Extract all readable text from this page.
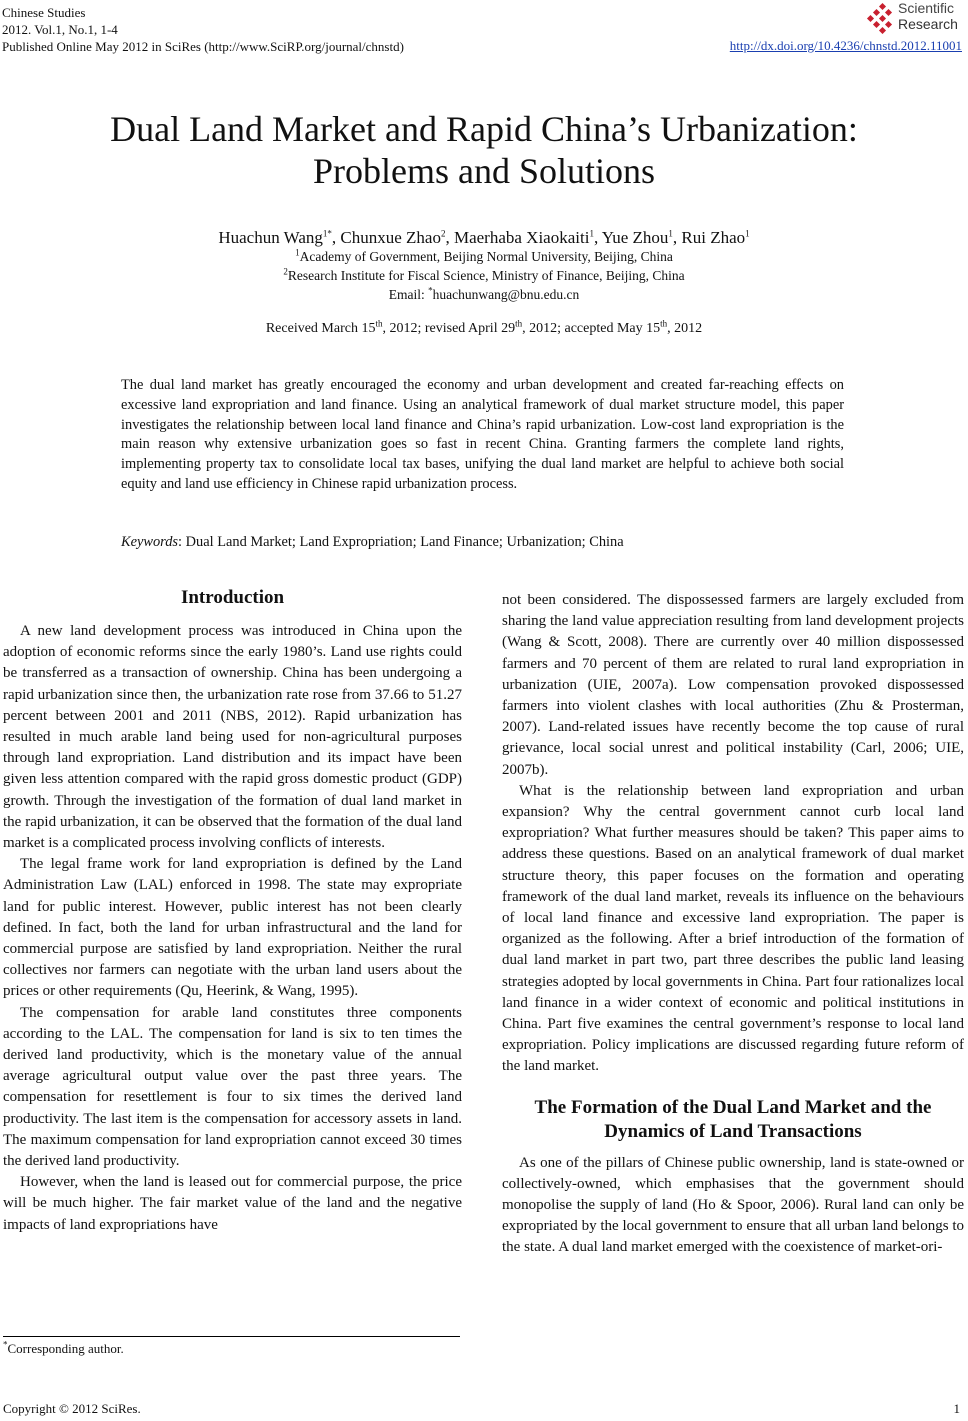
Chinese Studies
2012. Vol.1, No.1, 1-4
Published Online May 2012 in SciRes (http://www.SciRP.org/journal/chnstd)
Scientific
Research
http://dx.doi.org/10.4236/chnstd.2012.11001
Dual Land Market and Rapid China’s Urbanization:
Problems and Solutions
Huachun Wang$^{1*}$, Chunxue Zhao$^2$, Maerhaba Xiaokaiti$^1$, Yue Zhou$^1$, Rui Zhao$^1$
$^1$Academy of Government, Beijing Normal University, Beijing, China
$^2$Research Institute for Fiscal Science, Ministry of Finance, Beijing, China
Email: *huachunwang@bnu.edu.cn
Received March 15th, 2012; revised April 29th, 2012; accepted May 15th, 2012
The dual land market has greatly encouraged the economy and urban development and created far-reaching effects on excessive land expropriation and land finance. Using an analytical framework of dual market structure model, this paper investigates the relationship between local land finance and China’s rapid urbanization. Low-cost land expropriation is the main reason why extensive urbanization goes so fast in recent China. Granting farmers the complete land rights, implementing property tax to consolidate local tax bases, unifying the dual land market are helpful to achieve both social equity and land use efficiency in Chinese rapid urbanization process.
Keywords: Dual Land Market; Land Expropriation; Land Finance; Urbanization; China
Introduction

A new land development process was introduced in China upon the adoption of economic reforms since the early 1980’s. Land use rights could be transferred as a transaction of ownership. China has been undergoing a rapid urbanization since then, the urbanization rate rose from 37.66 to 51.27 percent between 2001 and 2011 (NBS, 2012). Rapid urbanization has resulted in much arable land being used for non-agricultural purposes through land expropriation. Land distribution and its impact have been given less attention compared with the rapid gross domestic product (GDP) growth. Through the investigation of the formation of dual land market in the rapid urbanization, it can be observed that the formation of the dual land market is a complicated process involving conflicts of interests.

The legal frame work for land expropriation is defined by the Land Administration Law (LAL) enforced in 1998. The state may expropriate land for public interest. However, public interest has not been clearly defined. In fact, both the land for urban infrastructural and the land for commercial purpose are satisfied by land expropriation. Neither the rural collectives nor farmers can negotiate with the urban land users about the prices or other requirements (Qu, Heerink, & Wang, 1995).

The compensation for arable land constitutes three components according to the LAL. The compensation for land is six to ten times the derived land productivity, which is the monetary value of the annual average agricultural output value over the past three years. The compensation for resettlement is four to six times the derived land productivity. The last item is the compensation for accessory assets in land. The maximum compensation for land expropriation cannot exceed 30 times the derived land productivity.

However, when the land is leased out for commercial purpose, the price will be much higher. The fair market value of the land and the negative impacts of land expropriations have

not been considered. The dispossessed farmers are largely excluded from sharing the land value appreciation resulting from land development projects (Wang & Scott, 2008). There are currently over 40 million dispossessed farmers and 70 percent of them are related to rural land expropriation in urbanization (UIE, 2007a). Low compensation provoked dispossessed farmers into violent clashes with local authorities (Zhu & Prosterman, 2007). Land-related issues have recently become the top cause of rural grievance, local social unrest and political instability (Carl, 2006; UIE, 2007b).

What is the relationship between land expropriation and urban expansion? Why the central government cannot curb local land expropriation? What further measures should be taken? This paper aims to address these questions. Based on an analytical framework of dual market structure theory, this paper focuses on the formation and operating framework of the dual land market, reveals its influence on the behaviours of local land finance and excessive land expropriation. The paper is organized as the following. After a brief introduction of the formation of dual land market in part two, part three describes the public land leasing strategies adopted by local governments in China. Part four rationalizes local land finance in a wider context of economic and political institutions in China. Part five examines the central government’s response to local land expropriation. Policy implications are discussed regarding future reform of the land market.

The Formation of the Dual Land Market and the Dynamics of Land Transactions

As one of the pillars of Chinese public ownership, land is state-owned or collectively-owned, which emphasises that the government should monopolise the supply of land (Ho & Spoor, 2006). Rural land can only be expropriated by the local government to ensure that all urban land belongs to the state. A dual land market emerged with the coexistence of market-ori-

*Corresponding author.
Copyright © 2012 SciRes.	1
